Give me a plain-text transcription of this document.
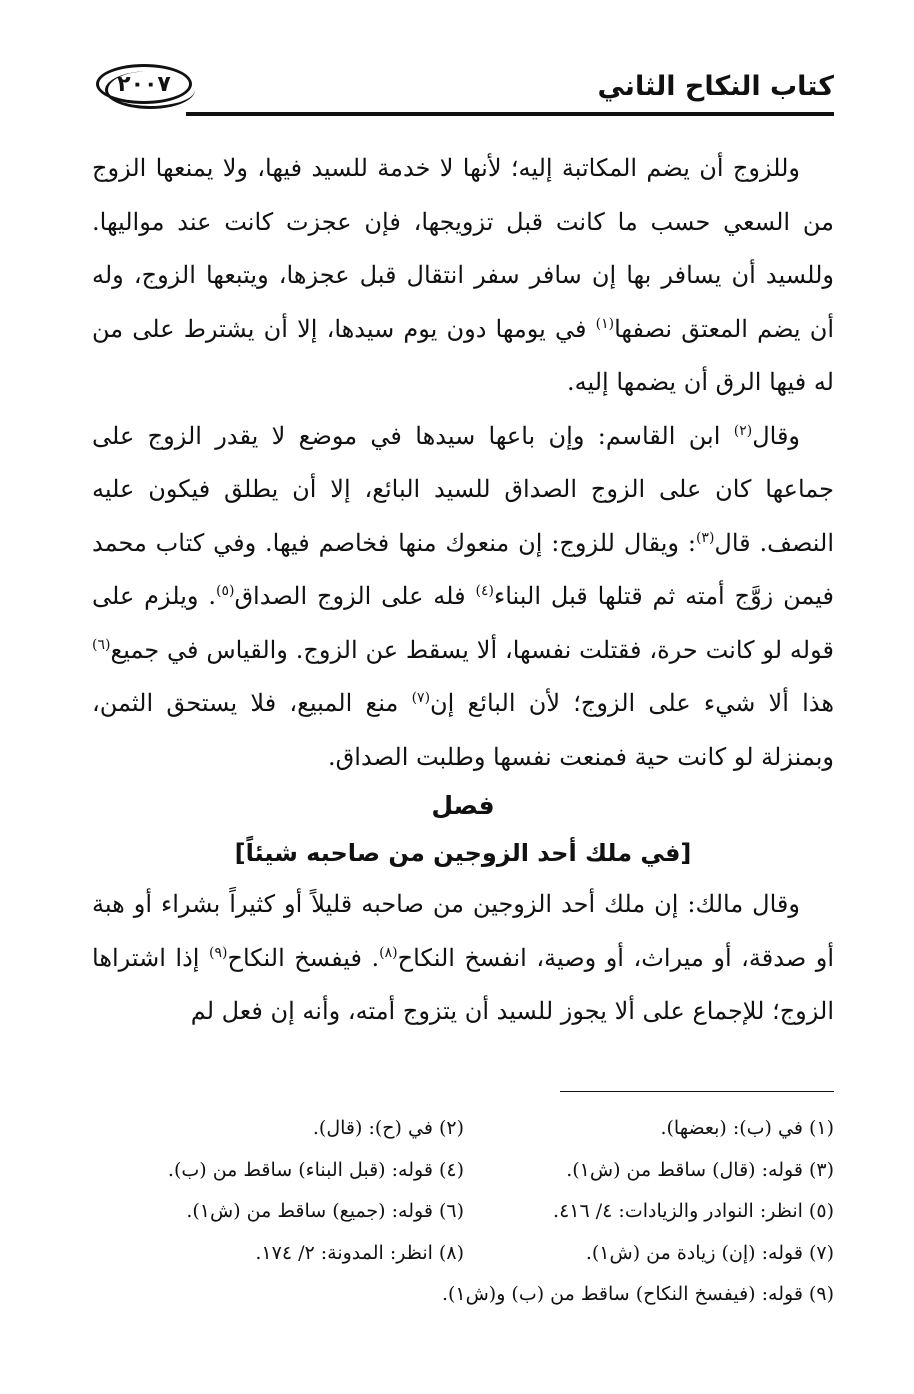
كتاب النكاح الثاني
٢٠٠٧

وللزوج أن يضم المكاتبة إليه؛ لأنها لا خدمة للسيد فيها، ولا يمنعها الزوج من السعي حسب ما كانت قبل تزويجها، فإن عجزت كانت عند مواليها. وللسيد أن يسافر بها إن سافر سفر انتقال قبل عجزها، ويتبعها الزوج، وله أن يضم المعتق نصفها$^{(١)}$ في يومها دون يوم سيدها، إلا أن يشترط على من له فيها الرق أن يضمها إليه.

وقال$^{(٢)}$ ابن القاسم: وإن باعها سيدها في موضع لا يقدر الزوج على جماعها كان على الزوج الصداق للسيد البائع، إلا أن يطلق فيكون عليه النصف. قال$^{(٣)}$: ويقال للزوج: إن منعوك منها فخاصم فيها. وفي كتاب محمد فيمن زوَّج أمته ثم قتلها قبل البناء$^{(٤)}$ فله على الزوج الصداق$^{(٥)}$. ويلزم على قوله لو كانت حرة، فقتلت نفسها، ألا يسقط عن الزوج. والقياس في جميع$^{(٦)}$ هذا ألا شيء على الزوج؛ لأن البائع إن$^{(٧)}$ منع المبيع، فلا يستحق الثمن، وبمنزلة لو كانت حية فمنعت نفسها وطلبت الصداق.

فصل
[في ملك أحد الزوجين من صاحبه شيئاً]

وقال مالك: إن ملك أحد الزوجين من صاحبه قليلاً أو كثيراً بشراء أو هبة أو صدقة، أو ميراث، أو وصية، انفسخ النكاح$^{(٨)}$. فيفسخ النكاح$^{(٩)}$ إذا اشتراها الزوج؛ للإجماع على ألا يجوز للسيد أن يتزوج أمته، وأنه إن فعل لم

(١) في (ب): (بعضها).
(٢) في (ح): (قال).
(٣) قوله: (قال) ساقط من (ش١).
(٤) قوله: (قبل البناء) ساقط من (ب).
(٥) انظر: النوادر والزيادات: ٤/ ٤١٦.
(٦) قوله: (جميع) ساقط من (ش١).
(٧) قوله: (إن) زيادة من (ش١).
(٨) انظر: المدونة: ٢/ ١٧٤.
(٩) قوله: (فيفسخ النكاح) ساقط من (ب) و(ش١).
